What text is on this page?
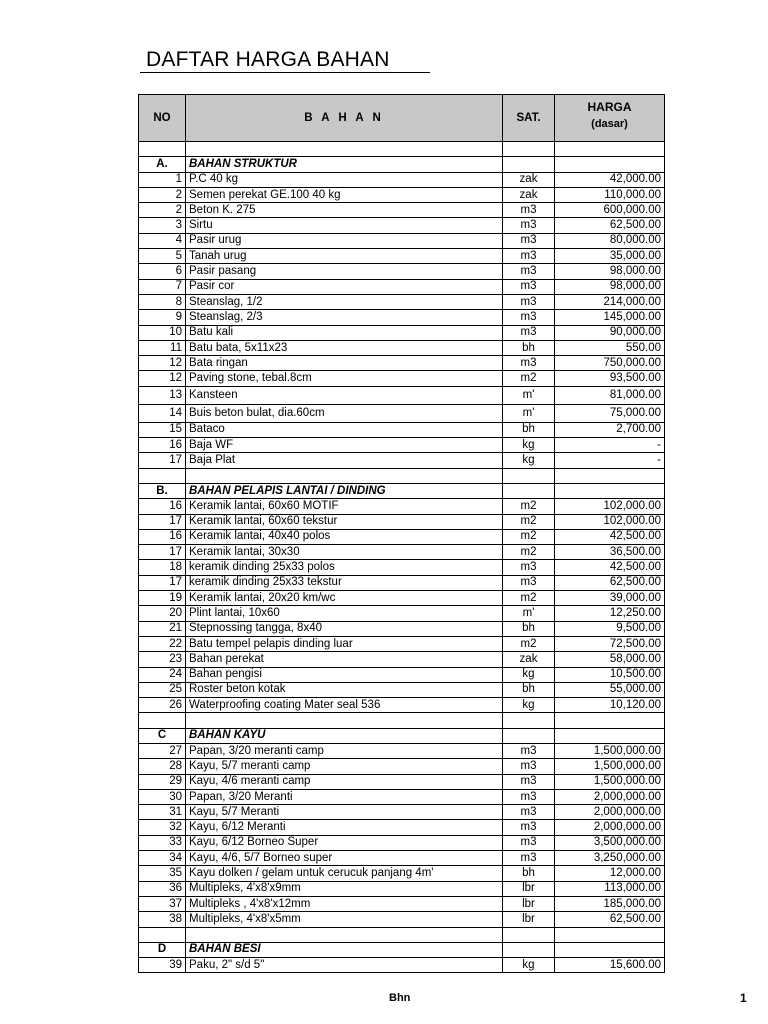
DAFTAR HARGA BAHAN
NO	B A H A N	SAT.	HARGA
(dasar)

A.	BAHAN STRUKTUR		
1	P.C 40 kg	zak	42,000.00
2	Semen perekat GE.100 40 kg	zak	110,000.00
2	Beton K. 275	m3	600,000.00
3	Sirtu	m3	62,500.00
4	Pasir urug	m3	80,000.00
5	Tanah urug	m3	35,000.00
6	Pasir pasang	m3	98,000.00
7	Pasir cor	m3	98,000.00
8	Steanslag, 1/2	m3	214,000.00
9	Steanslag, 2/3	m3	145,000.00
10	Batu kali	m3	90,000.00
11	Batu bata, 5x11x23	bh	550.00
12	Bata ringan	m3	750,000.00
12	Paving stone, tebal.8cm	m2	93,500.00
13	Kansteen	m'	81,000.00
14	Buis beton bulat, dia.60cm	m'	75,000.00
15	Bataco	bh	2,700.00
16	Baja WF	kg	-
17	Baja Plat	kg	-

B.	BAHAN PELAPIS LANTAI / DINDING		
16	Keramik lantai, 60x60 MOTIF	m2	102,000.00
17	Keramik lantai, 60x60 tekstur	m2	102,000.00
16	Keramik lantai, 40x40 polos	m2	42,500.00
17	Keramik lantai, 30x30	m2	36,500.00
18	keramik dinding 25x33 polos	m3	42,500.00
17	keramik dinding 25x33 tekstur	m3	62,500.00
19	Keramik lantai, 20x20 km/wc	m2	39,000.00
20	Plint lantai, 10x60	m'	12,250.00
21	Stepnossing tangga, 8x40	bh	9,500.00
22	Batu tempel pelapis dinding luar	m2	72,500.00
23	Bahan perekat	zak	58,000.00
24	Bahan pengisi	kg	10,500.00
25	Roster beton kotak	bh	55,000.00
26	Waterproofing coating Mater seal 536	kg	10,120.00

C	BAHAN KAYU		
27	Papan, 3/20 meranti camp	m3	1,500,000.00
28	Kayu, 5/7 meranti camp	m3	1,500,000.00
29	Kayu, 4/6 meranti camp	m3	1,500,000.00
30	Papan, 3/20 Meranti	m3	2,000,000.00
31	Kayu, 5/7 Meranti	m3	2,000,000.00
32	Kayu, 6/12 Meranti	m3	2,000,000.00
33	Kayu, 6/12 Borneo Super	m3	3,500,000.00
34	Kayu, 4/6, 5/7 Borneo super	m3	3,250,000.00
35	Kayu dolken / gelam untuk cerucuk panjang 4m'	bh	12,000.00
36	Multipleks, 4'x8'x9mm	lbr	113,000.00
37	Multipleks , 4'x8'x12mm	lbr	185,000.00
38	Multipleks, 4'x8'x5mm	lbr	62,500.00

D	BAHAN BESI		
39	Paku, 2" s/d 5"	kg	15,600.00
Bhn	1
